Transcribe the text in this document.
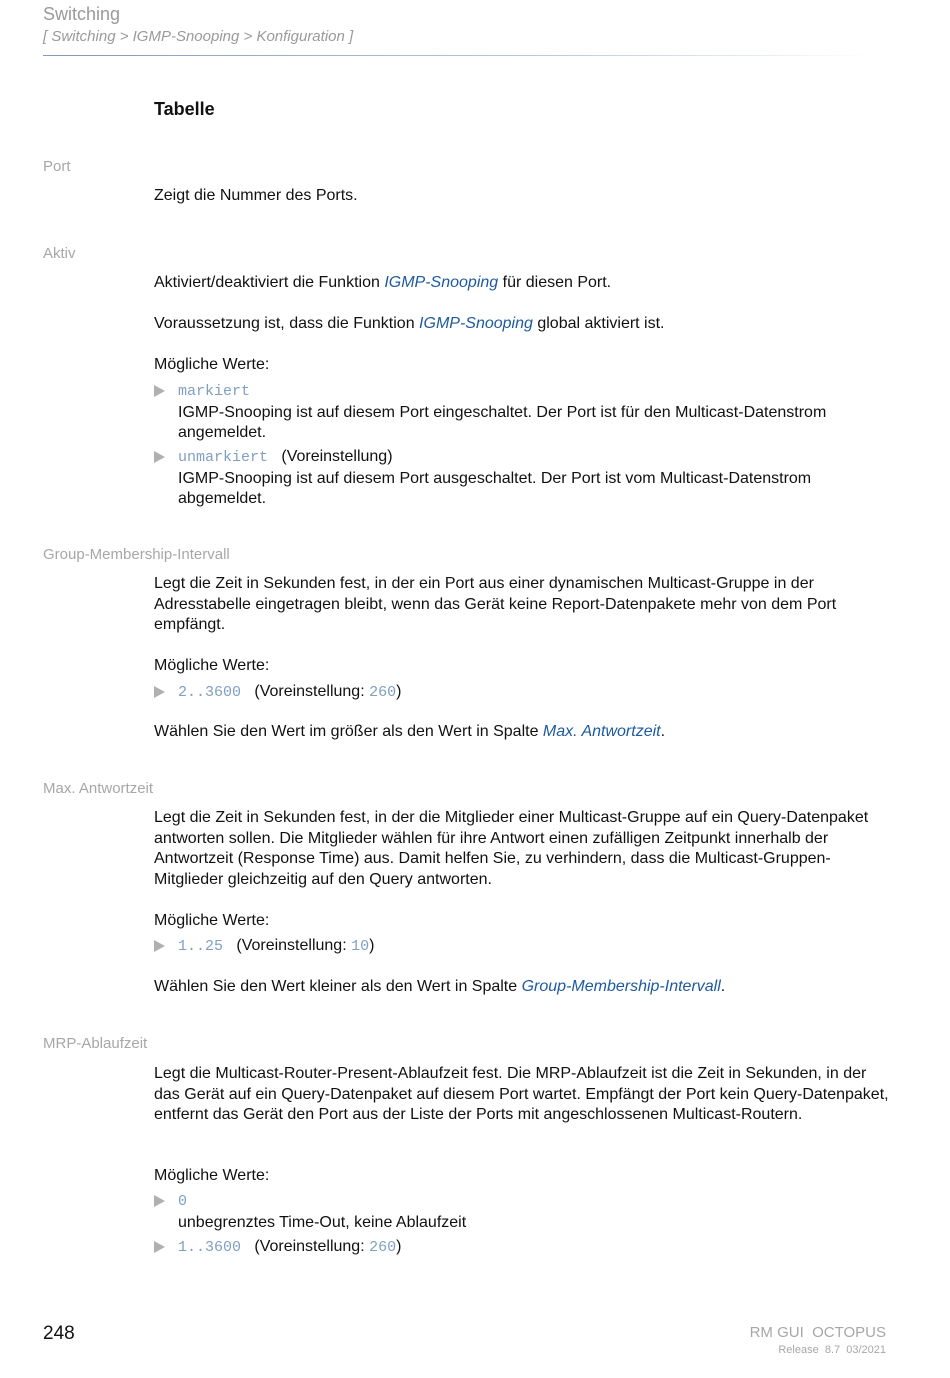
Switching
[ Switching > IGMP-Snooping > Konfiguration ]
Tabelle
Port
Zeigt die Nummer des Ports.
Aktiv
Aktiviert/deaktiviert die Funktion IGMP-Snooping für diesen Port.
Voraussetzung ist, dass die Funktion IGMP-Snooping global aktiviert ist.
Mögliche Werte:
markiert
IGMP-Snooping ist auf diesem Port eingeschaltet. Der Port ist für den Multicast-Datenstrom angemeldet.
unmarkiert (Voreinstellung)
IGMP-Snooping ist auf diesem Port ausgeschaltet. Der Port ist vom Multicast-Datenstrom abgemeldet.
Group-Membership-Intervall
Legt die Zeit in Sekunden fest, in der ein Port aus einer dynamischen Multicast-Gruppe in der Adresstabelle eingetragen bleibt, wenn das Gerät keine Report-Datenpakete mehr von dem Port empfängt.
Mögliche Werte:
2..3600 (Voreinstellung: 260)
Wählen Sie den Wert im größer als den Wert in Spalte Max. Antwortzeit.
Max. Antwortzeit
Legt die Zeit in Sekunden fest, in der die Mitglieder einer Multicast-Gruppe auf ein Query-Datenpaket antworten sollen. Die Mitglieder wählen für ihre Antwort einen zufälligen Zeitpunkt innerhalb der Antwortzeit (Response Time) aus. Damit helfen Sie, zu verhindern, dass die Multicast-Gruppen-Mitglieder gleichzeitig auf den Query antworten.
Mögliche Werte:
1..25 (Voreinstellung: 10)
Wählen Sie den Wert kleiner als den Wert in Spalte Group-Membership-Intervall.
MRP-Ablaufzeit
Legt die Multicast-Router-Present-Ablaufzeit fest. Die MRP-Ablaufzeit ist die Zeit in Sekunden, in der das Gerät auf ein Query-Datenpaket auf diesem Port wartet. Empfängt der Port kein Query-Datenpaket, entfernt das Gerät den Port aus der Liste der Ports mit angeschlossenen Multicast-Routern.
Mögliche Werte:
0
unbegrenztes Time-Out, keine Ablaufzeit
1..3600 (Voreinstellung: 260)
248	RM GUI  OCTOPUS
Release  8.7  03/2021
